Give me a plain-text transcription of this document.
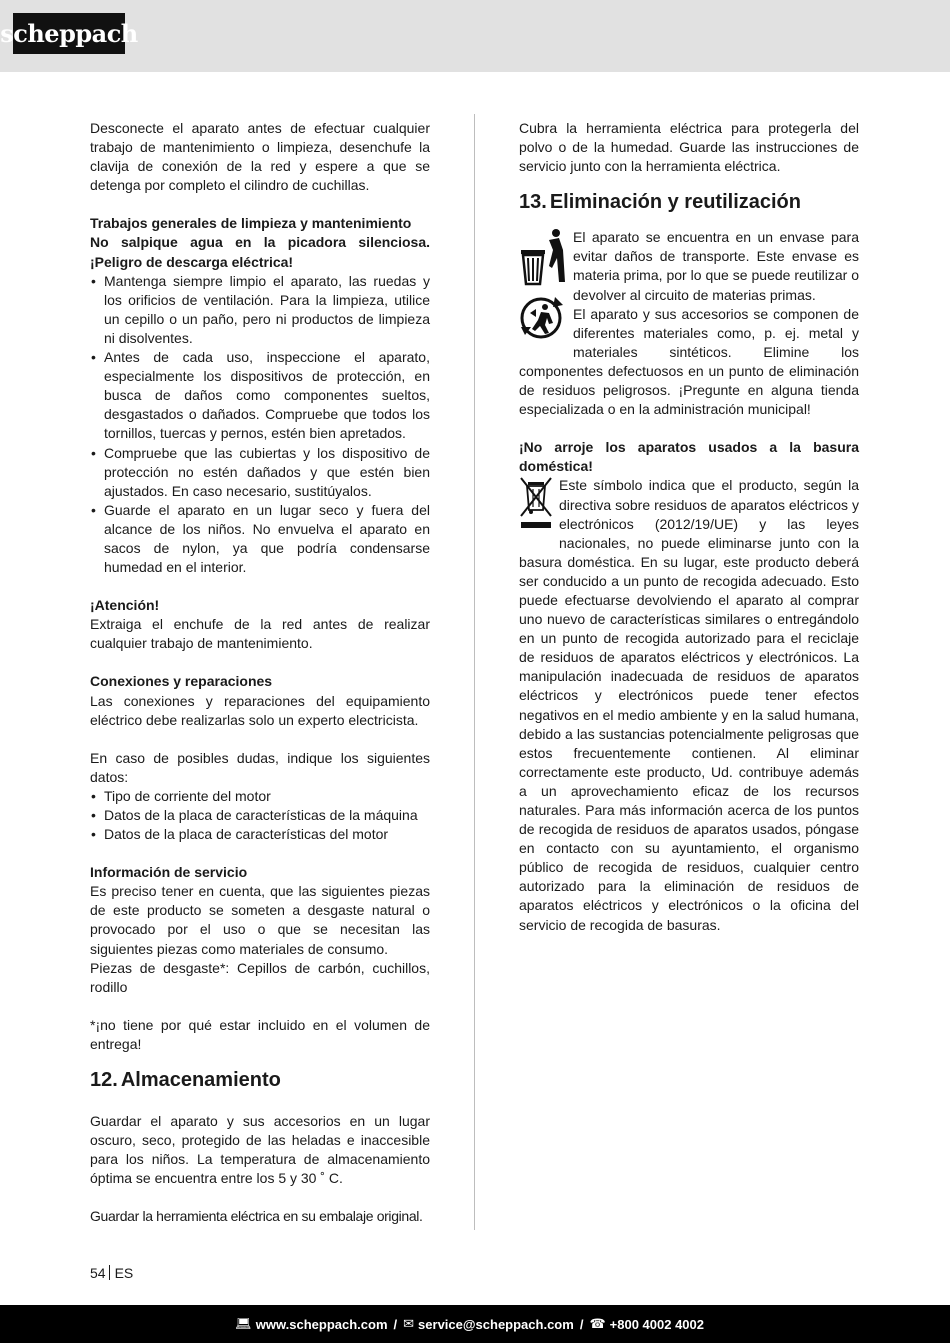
scheppach

Desconecte el aparato antes de efectuar cualquier trabajo de mantenimiento o limpieza, desenchufe la clavija de conexión de la red y espere a que se detenga por completo el cilindro de cuchillas.

Trabajos generales de limpieza y mantenimiento

No salpique agua en la picadora silenciosa. ¡Peligro de descarga eléctrica!

• Mantenga siempre limpio el aparato, las ruedas y los orificios de ventilación. Para la limpieza, utilice un cepillo o un paño, pero ni productos de limpieza ni disolventes.
• Antes de cada uso, inspeccione el aparato, especialmente los dispositivos de protección, en busca de daños como componentes sueltos, desgastados o dañados. Compruebe que todos los tornillos, tuercas y pernos, estén bien apretados.
• Compruebe que las cubiertas y los dispositivo de protección no estén dañados y que estén bien ajustados. En caso necesario, sustitúyalos.
• Guarde el aparato en un lugar seco y fuera del alcance de los niños. No envuelva el aparato en sacos de nylon, ya que podría condensarse humedad en el interior.

¡Atención!

Extraiga el enchufe de la red antes de realizar cualquier trabajo de mantenimiento.

Conexiones y reparaciones

Las conexiones y reparaciones del equipamiento eléctrico debe realizarlas solo un experto electricista.

En caso de posibles dudas, indique los siguientes datos:

• Tipo de corriente del motor
• Datos de la placa de características de la máquina
• Datos de la placa de características del motor

Información de servicio

Es preciso tener en cuenta, que las siguientes piezas de este producto se someten a desgaste natural o provocado por el uso o que se necesitan las siguientes piezas como materiales de consumo.

Piezas de desgaste*: Cepillos de carbón, cuchillos, rodillo

*¡no tiene por qué estar incluido en el volumen de entrega!

12. Almacenamiento

Guardar el aparato y sus accesorios en un lugar oscuro, seco, protegido de las heladas e inaccesible para los niños. La temperatura de almacenamiento óptima se encuentra entre los 5 y 30 ˚ C.

Guardar la herramienta eléctrica en su embalaje original.

Cubra la herramienta eléctrica para protegerla del polvo o de la humedad. Guarde las instrucciones de servicio junto con la herramienta eléctrica.

13. Eliminación y reutilización

El aparato se encuentra en un envase para evitar daños de transporte. Este envase es materia prima, por lo que se puede reutilizar o devolver al circuito de materias primas.

El aparato y sus accesorios se componen de diferentes materiales como, p. ej. metal y materiales sintéticos. Elimine los componentes defectuosos en un punto de eliminación de residuos peligrosos. ¡Pregunte en alguna tienda especializada o en la administración municipal!

¡No arroje los aparatos usados a la basura doméstica!

Este símbolo indica que el producto, según la directiva sobre residuos de aparatos eléctricos y electrónicos (2012/19/UE) y las leyes nacionales, no puede eliminarse junto con la basura doméstica. En su lugar, este producto deberá ser conducido a un punto de recogida adecuado. Esto puede efectuarse devolviendo el aparato al comprar uno nuevo de características similares o entregándolo en un punto de recogida autorizado para el reciclaje de residuos de aparatos eléctricos y electrónicos. La manipulación inadecuada de residuos de aparatos eléctricos y electrónicos puede tener efectos negativos en el medio ambiente y en la salud humana, debido a las sustancias potencialmente peligrosas que estos frecuentemente contienen. Al eliminar correctamente este producto, Ud. contribuye además a un aprovechamiento eficaz de los recursos naturales. Para más información acerca de los puntos de recogida de residuos de aparatos usados, póngase en contacto con su ayuntamiento, el organismo público de recogida de residuos, cualquier centro autorizado para la eliminación de residuos de aparatos eléctricos y electrónicos o la oficina del servicio de recogida de basuras.

54 ES
💻︎ www.scheppach.com / ✉ service@scheppach.com / ☎ +800 4002 4002
